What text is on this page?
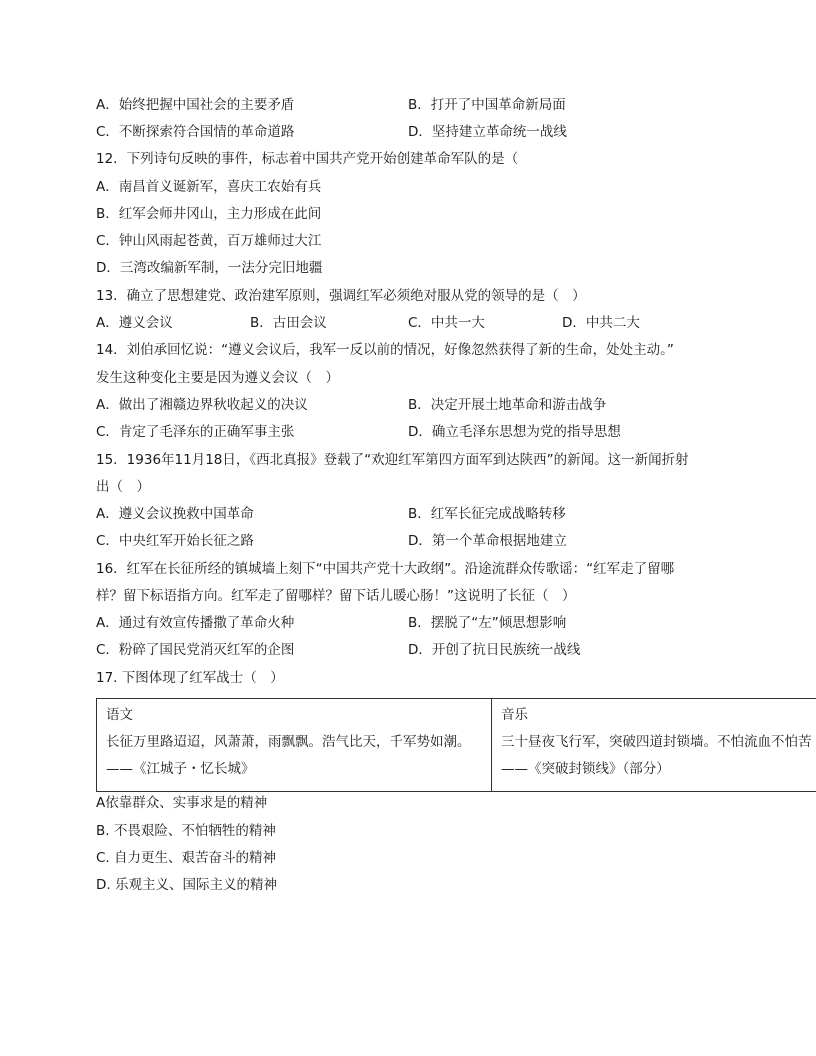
A．始终把握中国社会的主要矛盾	B．打开了中国革命新局面
C．不断探索符合国情的革命道路	D．坚持建立革命统一战线
12．下列诗句反映的事件，标志着中国共产党开始创建革命军队的是（
A．南昌首义诞新军，喜庆工农始有兵
B．红军会师井冈山，主力形成在此间
C．钟山风雨起苍黄，百万雄师过大江
D．三湾改编新军制，一法分完旧地疆
13．确立了思想建党、政治建军原则，强调红军必须绝对服从党的领导的是（　）
A．遵义会议	B．古田会议	C．中共一大	D．中共二大
14．刘伯承回忆说：“遵义会议后，我军一反以前的情况，好像忽然获得了新的生命，处处主动。”
发生这种变化主要是因为遵义会议（　）
A．做出了湘赣边界秋收起义的决议	B．决定开展土地革命和游击战争
C．肯定了毛泽东的正确军事主张	D．确立毛泽东思想为党的指导思想
15．1936年11月18日，《西北真报》登载了“欢迎红军第四方面军到达陕西”的新闻。这一新闻折射
出（　）
A．遵义会议挽救中国革命	B．红军长征完成战略转移
C．中央红军开始长征之路	D．第一个革命根据地建立
16．红军在长征所经的镇城墙上刻下“中国共产党十大政纲”。沿途流群众传歌谣：“红军走了留哪
样？留下标语指方向。红军走了留哪样？留下话儿暖心肠！”这说明了长征（　）
A．通过有效宣传播撒了革命火种	B．摆脱了“左”倾思想影响
C．粉碎了国民党消灭红军的企图	D．开创了抗日民族统一战线
17. 下图体现了红军战士（　）
语文
长征万里路迢迢，风萧萧，雨飘飘。浩气比天，千军势如潮。
——《江城子・忆长城》
音乐
三十昼夜飞行军，突破四道封锁墙。不怕流血不怕苦
——《突破封锁线》（部分）
A依靠群众、实事求是的精神
B. 不畏艰险、不怕牺牲的精神
C. 自力更生、艰苦奋斗的精神
D. 乐观主义、国际主义的精神
